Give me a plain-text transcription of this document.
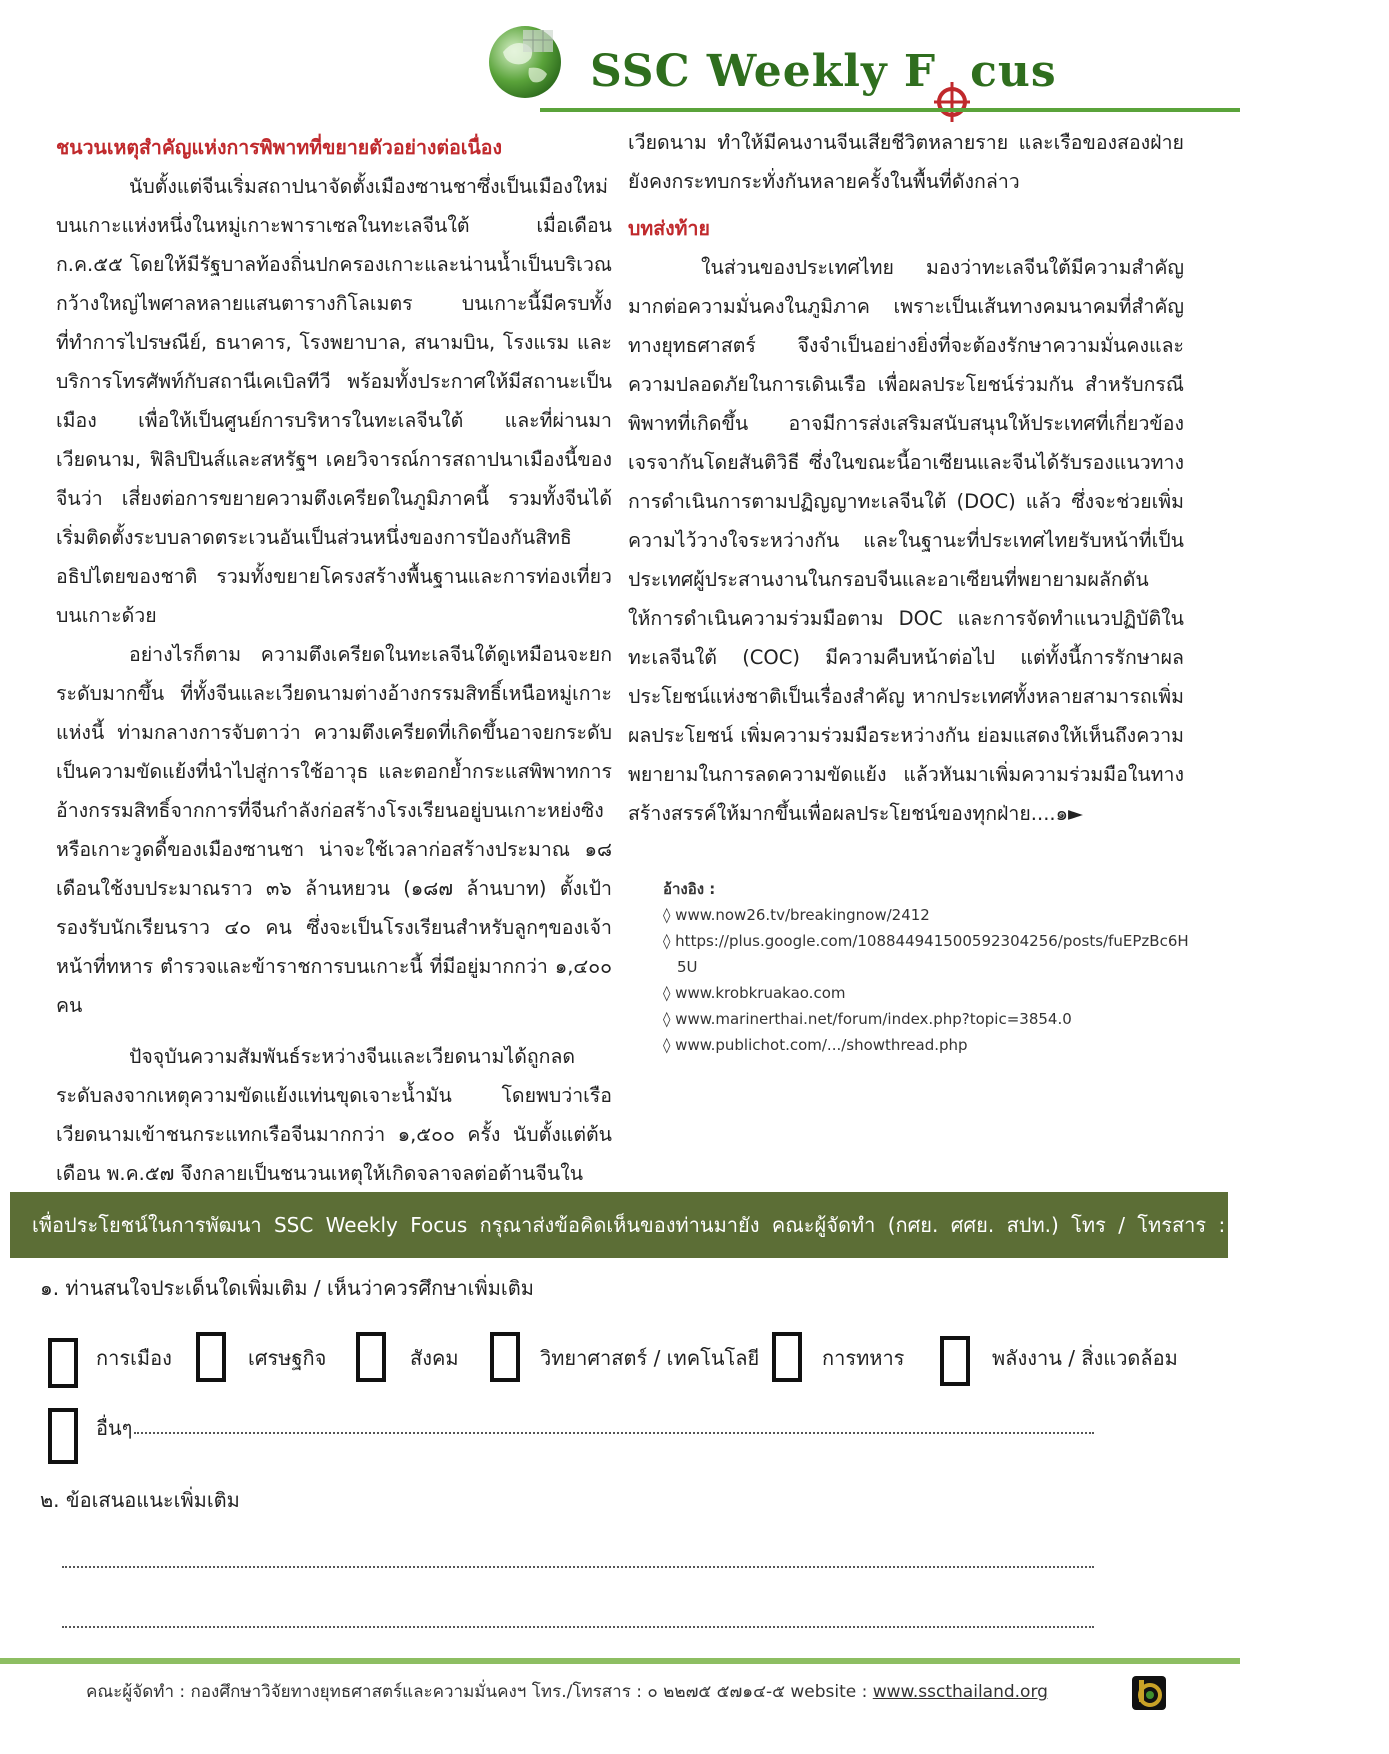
SSC Weekly F cus
ชนวนเหตุสำคัญแห่งการพิพาทที่ขยายตัวอย่างต่อเนื่อง

นับตั้งแต่จีนเริ่มสถาปนาจัดตั้งเมืองซานชาซึ่งเป็นเมืองใหม่บนเกาะแห่งหนึ่งในหมู่เกาะพาราเซลในทะเลจีนใต้ เมื่อเดือน ก.ค.๕๕ โดยให้มีรัฐบาลท้องถิ่นปกครองเกาะและน่านน้ำเป็นบริเวณกว้างใหญ่ไพศาลหลายแสนตารางกิโลเมตร บนเกาะนี้มีครบทั้งที่ทำการไปรษณีย์, ธนาคาร, โรงพยาบาล, สนามบิน, โรงแรม และบริการโทรศัพท์กับสถานีเคเบิลทีวี พร้อมทั้งประกาศให้มีสถานะเป็นเมือง เพื่อให้เป็นศูนย์การบริหารในทะเลจีนใต้ และที่ผ่านมา เวียดนาม, ฟิลิปปินส์และสหรัฐฯ เคยวิจารณ์การสถาปนาเมืองนี้ของจีนว่า เสี่ยงต่อการขยายความตึงเครียดในภูมิภาคนี้ รวมทั้งจีนได้เริ่มติดตั้งระบบลาดตระเวนอันเป็นส่วนหนึ่งของการป้องกันสิทธิอธิปไตยของชาติ รวมทั้งขยายโครงสร้างพื้นฐานและการท่องเที่ยวบนเกาะด้วย

อย่างไรก็ตาม ความตึงเครียดในทะเลจีนใต้ดูเหมือนจะยกระดับมากขึ้น ที่ทั้งจีนและเวียดนามต่างอ้างกรรมสิทธิ์เหนือหมู่เกาะแห่งนี้ ท่ามกลางการจับตาว่า ความตึงเครียดที่เกิดขึ้นอาจยกระดับเป็นความขัดแย้งที่นำไปสู่การใช้อาวุธ และตอกย้ำกระแสพิพาทการอ้างกรรมสิทธิ์จากการที่จีนกำลังก่อสร้างโรงเรียนอยู่บนเกาะหย่งซิงหรือเกาะวูดดี้ของเมืองซานชา น่าจะใช้เวลาก่อสร้างประมาณ ๑๘ เดือนใช้งบประมาณราว ๓๖ ล้านหยวน (๑๘๗ ล้านบาท) ตั้งเป้ารองรับนักเรียนราว ๔๐ คน ซึ่งจะเป็นโรงเรียนสำหรับลูกๆของเจ้าหน้าที่ทหาร ตำรวจและข้าราชการบนเกาะนี้ ที่มีอยู่มากกว่า ๑,๔๐๐ คน

ปัจจุบันความสัมพันธ์ระหว่างจีนและเวียดนามได้ถูกลดระดับลงจากเหตุความขัดแย้งแท่นขุดเจาะน้ำมัน โดยพบว่าเรือเวียดนามเข้าชนกระแทกเรือจีนมากกว่า ๑,๕๐๐ ครั้ง นับตั้งแต่ต้นเดือน พ.ค.๕๗ จึงกลายเป็นชนวนเหตุให้เกิดจลาจลต่อต้านจีนใน

เวียดนาม ทำให้มีคนงานจีนเสียชีวิตหลายราย และเรือของสองฝ่ายยังคงกระทบกระทั่งกันหลายครั้งในพื้นที่ดังกล่าว

บทส่งท้าย

ในส่วนของประเทศไทย มองว่าทะเลจีนใต้มีความสำคัญมากต่อความมั่นคงในภูมิภาค เพราะเป็นเส้นทางคมนาคมที่สำคัญทางยุทธศาสตร์ จึงจำเป็นอย่างยิ่งที่จะต้องรักษาความมั่นคงและความปลอดภัยในการเดินเรือ เพื่อผลประโยชน์ร่วมกัน สำหรับกรณีพิพาทที่เกิดขึ้น อาจมีการส่งเสริมสนับสนุนให้ประเทศที่เกี่ยวข้องเจรจากันโดยสันติวิธี ซึ่งในขณะนี้อาเซียนและจีนได้รับรองแนวทางการดำเนินการตามปฏิญญาทะเลจีนใต้ (DOC) แล้ว ซึ่งจะช่วยเพิ่มความไว้วางใจระหว่างกัน และในฐานะที่ประเทศไทยรับหน้าที่เป็นประเทศผู้ประสานงานในกรอบจีนและอาเซียนที่พยายามผลักดันให้การดำเนินความร่วมมือตาม DOC และการจัดทำแนวปฏิบัติในทะเลจีนใต้ (COC) มีความคืบหน้าต่อไป แต่ทั้งนี้การรักษาผลประโยชน์แห่งชาติเป็นเรื่องสำคัญ หากประเทศทั้งหลายสามารถเพิ่มผลประโยชน์ เพิ่มความร่วมมือระหว่างกัน ย่อมแสดงให้เห็นถึงความพยายามในการลดความขัดแย้ง แล้วหันมาเพิ่มความร่วมมือในทางสร้างสรรค์ให้มากขึ้นเพื่อผลประโยชน์ของทุกฝ่าย....๑►

อ้างอิง :
◊ www.now26.tv/breakingnow/2412
◊ https://plus.google.com/108844941500592304256/posts/fuEPzBc6H5U
◊ www.krobkruakao.com
◊ www.marinerthai.net/forum/index.php?topic=3854.0
◊ www.publichot.com/.../showthread.php
เพื่อประโยชน์ในการพัฒนา SSC Weekly Focus กรุณาส่งข้อคิดเห็นของท่านมายัง คณะผู้จัดทำ (กศย. ศศย. สปท.) โทร / โทรสาร : ๐๒ ๒๗๕ ๕๗๑๕
๑. ท่านสนใจประเด็นใดเพิ่มเติม / เห็นว่าควรศึกษาเพิ่มเติม
การเมือง	เศรษฐกิจ	สังคม	วิทยาศาสตร์ / เทคโนโลยี	การทหาร	พลังงาน / สิ่งแวดล้อม
อื่นๆ
๒. ข้อเสนอแนะเพิ่มเติม
คณะผู้จัดทำ : กองศึกษาวิจัยทางยุทธศาสตร์และความมั่นคงฯ โทร./โทรสาร : ๐ ๒๒๗๕ ๕๗๑๔-๕ website : www.sscthailand.org
